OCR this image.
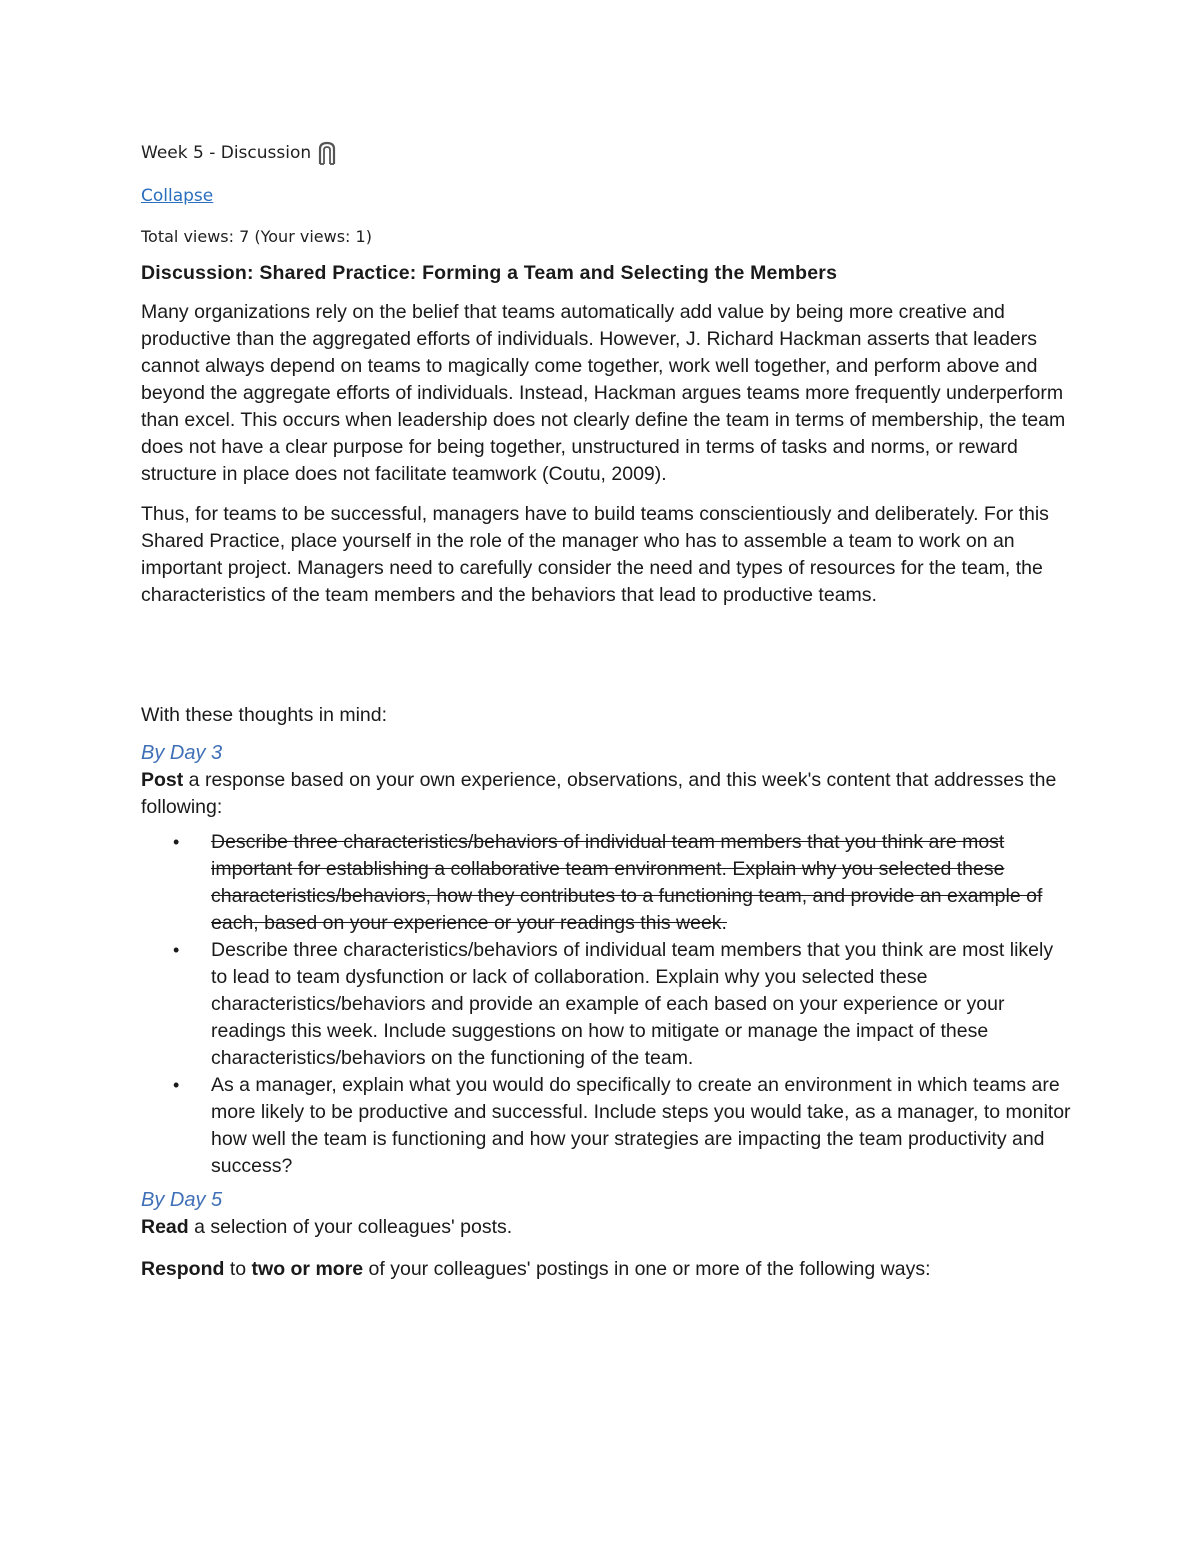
Week 5 - Discussion
Collapse
Total views: 7 (Your views: 1)
Discussion: Shared Practice: Forming a Team and Selecting the Members

Many organizations rely on the belief that teams automatically add value by being more creative and productive than the aggregated efforts of individuals. However, J. Richard Hackman asserts that leaders cannot always depend on teams to magically come together, work well together, and perform above and beyond the aggregate efforts of individuals. Instead, Hackman argues teams more frequently underperform than excel. This occurs when leadership does not clearly define the team in terms of membership, the team does not have a clear purpose for being together, unstructured in terms of tasks and norms, or reward structure in place does not facilitate teamwork (Coutu, 2009).

Thus, for teams to be successful, managers have to build teams conscientiously and deliberately. For this Shared Practice, place yourself in the role of the manager who has to assemble a team to work on an important project. Managers need to carefully consider the need and types of resources for the team, the characteristics of the team members and the behaviors that lead to productive teams.

With these thoughts in mind:

By Day 3

Post a response based on your own experience, observations, and this week's content that addresses the following:

• Describe three characteristics/behaviors of individual team members that you think are most important for establishing a collaborative team environment. Explain why you selected these characteristics/behaviors, how they contributes to a functioning team, and provide an example of each, based on your experience or your readings this week.
• Describe three characteristics/behaviors of individual team members that you think are most likely to lead to team dysfunction or lack of collaboration. Explain why you selected these characteristics/behaviors and provide an example of each based on your experience or your readings this week. Include suggestions on how to mitigate or manage the impact of these characteristics/behaviors on the functioning of the team.
• As a manager, explain what you would do specifically to create an environment in which teams are more likely to be productive and successful. Include steps you would take, as a manager, to monitor how well the team is functioning and how your strategies are impacting the team productivity and success?
By Day 5

Read a selection of your colleagues' posts.

Respond to two or more of your colleagues' postings in one or more of the following ways:
